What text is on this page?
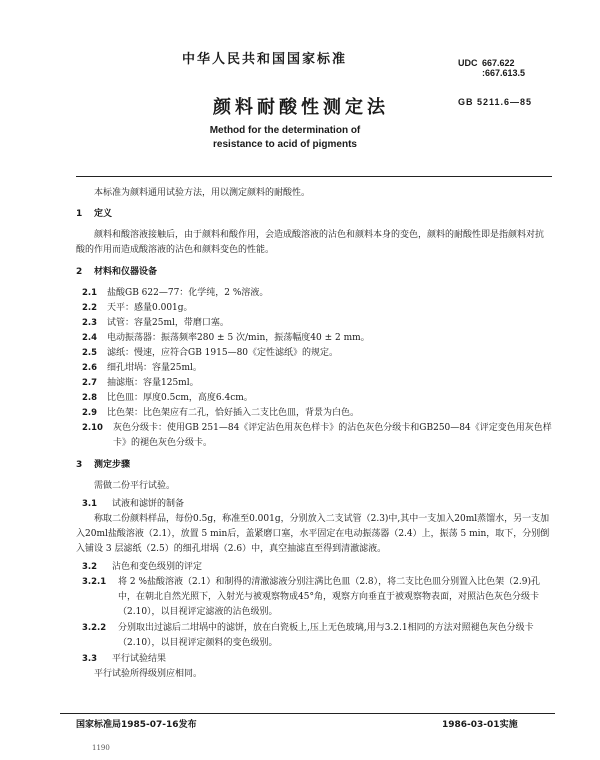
中华人民共和国国家标准
颜料耐酸性测定法
Method for the determination of
resistance to acid of pigments
UDC 667.622
:667.613.5
GB 5211.6—85

本标准为颜料通用试验方法，用以测定颜料的耐酸性。

1 定义

颜料和酸溶液接触后，由于颜料和酸作用，会造成酸溶液的沾色和颜料本身的变色，颜料的耐酸性即是指颜料对抗酸的作用而造成酸溶液的沾色和颜料变色的性能。

2 材料和仪器设备
2.1	盐酸GB 622—77：化学纯，2 %溶液。
2.2	天平：感量0.001g。
2.3	试管：容量25ml，带磨口塞。
2.4	电动振荡器：振荡频率280 ± 5 次/min，振荡幅度40 ± 2 mm。
2.5	滤纸：慢速，应符合GB 1915—80《定性滤纸》的规定。
2.6	细孔坩埚：容量25ml。
2.7	抽滤瓶：容量125ml。
2.8	比色皿：厚度0.5cm，高度6.4cm。
2.9	比色架：比色架应有二孔，恰好插入二支比色皿，背景为白色。
2.10	灰色分级卡：使用GB 251—84《评定沾色用灰色样卡》的沾色灰色分级卡和GB250—84《评定变色用灰色样卡》的褪色灰色分级卡。
3 测定步骤

需做二份平行试验。

3.1	试液和滤饼的制备

称取二份颜料样品，每份0.5g，称准至0.001g，分别放入二支试管（2.3)中,其中一支加入20ml蒸馏水，另一支加入20ml盐酸溶液（2.1），放置 5 min后，盖紧磨口塞，水平固定在电动振荡器（2.4）上，振荡 5 min，取下，分别倒入铺设 3 层滤纸（2.5）的细孔坩埚（2.6）中，真空抽滤直至得到清澈滤液。

3.2	沾色和变色级别的评定
3.2.1	将 2 %盐酸溶液（2.1）和制得的清澈滤液分别注满比色皿（2.8），将二支比色皿分别置入比色架（2.9)孔中，在朝北自然光照下，入射光与被观察物成45°角，观察方向垂直于被观察物表面，对照沾色灰色分级卡（2.10），以目视评定滤液的沾色级别。
3.2.2	分别取出过滤后二坩埚中的滤饼，放在白瓷板上,压上无色玻璃,用与3.2.1相同的方法对照褪色灰色分级卡（2.10），以目视评定颜料的变色级别。
3.3	平行试验结果

平行试验所得级别应相同。

国家标准局1985-07-16发布	1986-03-01实施
1190
